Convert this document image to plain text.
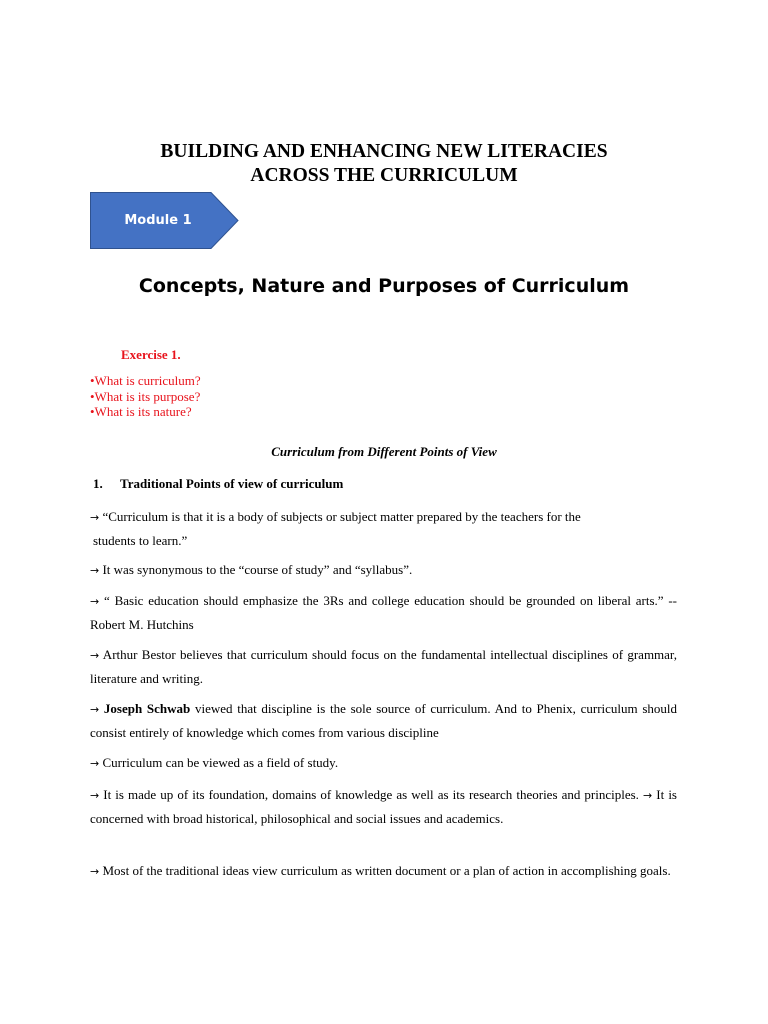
BUILDING AND ENHANCING NEW LITERACIES
ACROSS THE CURRICULUM
Module 1
Concepts, Nature and Purposes of Curriculum
Exercise 1.
•What is curriculum?
•What is its purpose?
•What is its nature?
Curriculum from Different Points of View
1. Traditional Points of view of curriculum
→ “Curriculum is that it is a body of subjects or subject matter prepared by the teachers for the
students to learn.”
→ It was synonymous to the “course of study” and “syllabus”.
→ “ Basic education should emphasize the 3Rs and college education should be grounded on liberal arts.” -- Robert M. Hutchins
→ Arthur Bestor believes that curriculum should focus on the fundamental intellectual disciplines of grammar, literature and writing.
→ Joseph Schwab viewed that discipline is the sole source of curriculum. And to Phenix, curriculum should consist entirely of knowledge which comes from various discipline
→ Curriculum can be viewed as a field of study.
→ It is made up of its foundation, domains of knowledge as well as its research theories and principles. → It is concerned with broad historical, philosophical and social issues and academics.
→ Most of the traditional ideas view curriculum as written document or a plan of action in accomplishing goals.
